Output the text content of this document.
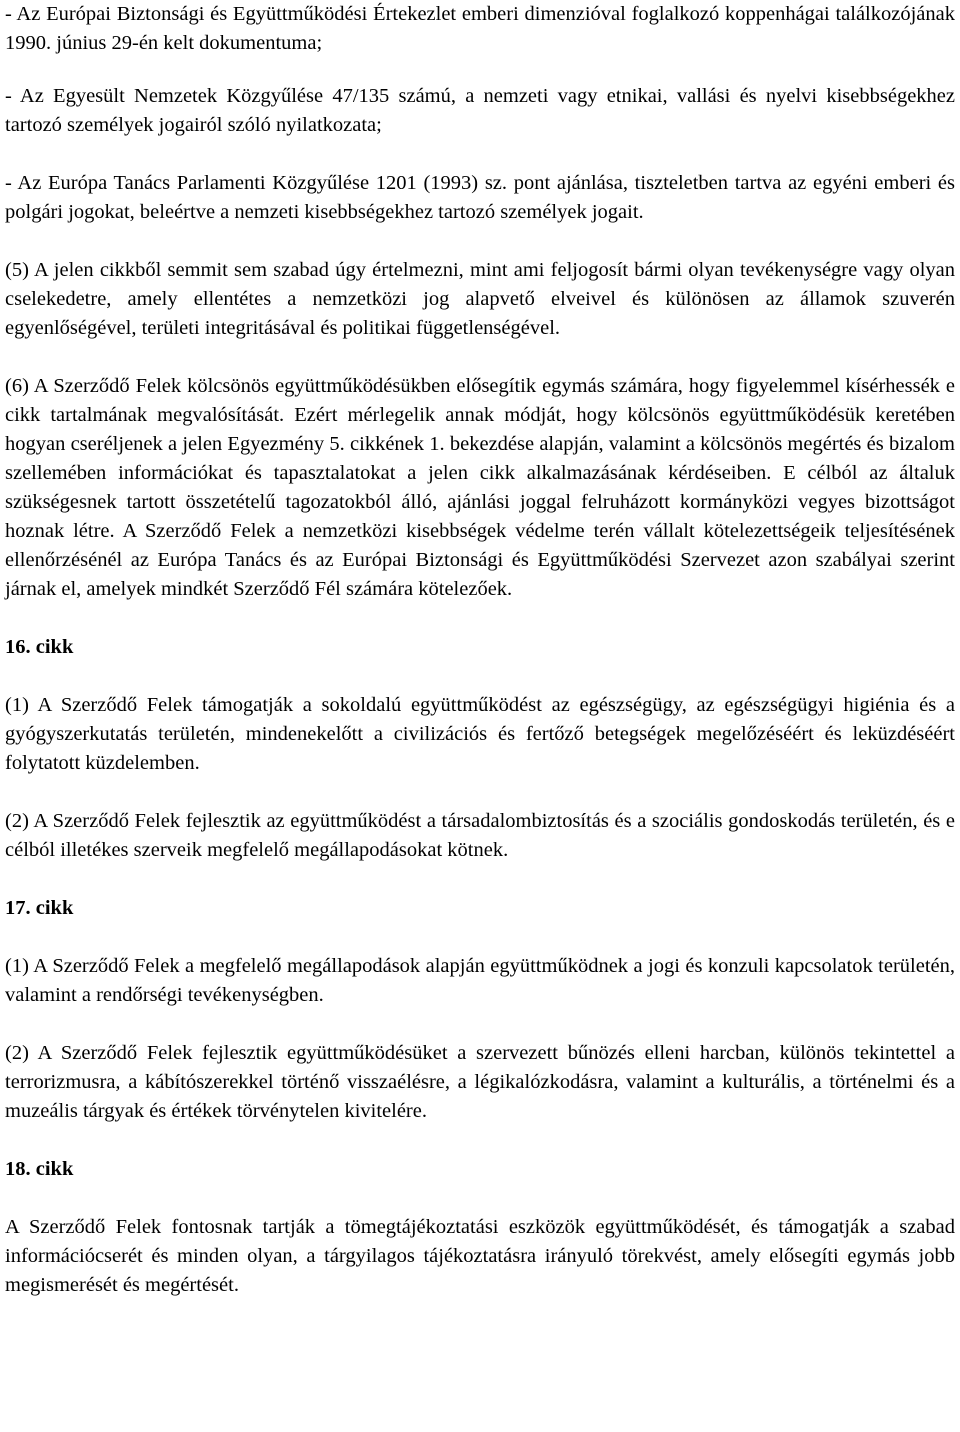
- Az Európai Biztonsági és Együttműködési Értekezlet emberi dimenzióval foglalkozó koppenhágai találkozójának 1990. június 29-én kelt dokumentuma;

- Az Egyesült Nemzetek Közgyűlése 47/135 számú, a nemzeti vagy etnikai, vallási és nyelvi kisebbségekhez tartozó személyek jogairól szóló nyilatkozata;

- Az Európa Tanács Parlamenti Közgyűlése 1201 (1993) sz. pont ajánlása, tiszteletben tartva az egyéni emberi és polgári jogokat, beleértve a nemzeti kisebbségekhez tartozó személyek jogait.

(5) A jelen cikkből semmit sem szabad úgy értelmezni, mint ami feljogosít bármi olyan tevékenységre vagy olyan cselekedetre, amely ellentétes a nemzetközi jog alapvető elveivel és különösen az államok szuverén egyenlőségével, területi integritásával és politikai függetlenségével.

(6) A Szerződő Felek kölcsönös együttműködésükben elősegítik egymás számára, hogy figyelemmel kísérhessék e cikk tartalmának megvalósítását. Ezért mérlegelik annak módját, hogy kölcsönös együttműködésük keretében hogyan cseréljenek a jelen Egyezmény 5. cikkének 1. bekezdése alapján, valamint a kölcsönös megértés és bizalom szellemében információkat és tapasztalatokat a jelen cikk alkalmazásának kérdéseiben. E célból az általuk szükségesnek tartott összetételű tagozatokból álló, ajánlási joggal felruházott kormányközi vegyes bizottságot hoznak létre. A Szerződő Felek a nemzetközi kisebbségek védelme terén vállalt kötelezettségeik teljesítésének ellenőrzésénél az Európa Tanács és az Európai Biztonsági és Együttműködési Szervezet azon szabályai szerint járnak el, amelyek mindkét Szerződő Fél számára kötelezőek.

16. cikk

(1) A Szerződő Felek támogatják a sokoldalú együttműködést az egészségügy, az egészségügyi higiénia és a gyógyszerkutatás területén, mindenekelőtt a civilizációs és fertőző betegségek megelőzéséért és leküzdéséért folytatott küzdelemben.

(2) A Szerződő Felek fejlesztik az együttműködést a társadalombiztosítás és a szociális gondoskodás területén, és e célból illetékes szerveik megfelelő megállapodásokat kötnek.

17. cikk

(1) A Szerződő Felek a megfelelő megállapodások alapján együttműködnek a jogi és konzuli kapcsolatok területén, valamint a rendőrségi tevékenységben.

(2) A Szerződő Felek fejlesztik együttműködésüket a szervezett bűnözés elleni harcban, különös tekintettel a terrorizmusra, a kábítószerekkel történő visszaélésre, a légikalózkodásra, valamint a kulturális, a történelmi és a muzeális tárgyak és értékek törvénytelen kivitelére.

18. cikk

A Szerződő Felek fontosnak tartják a tömegtájékoztatási eszközök együttműködését, és támogatják a szabad információcserét és minden olyan, a tárgyilagos tájékoztatásra irányuló törekvést, amely elősegíti egymás jobb megismerését és megértését.
